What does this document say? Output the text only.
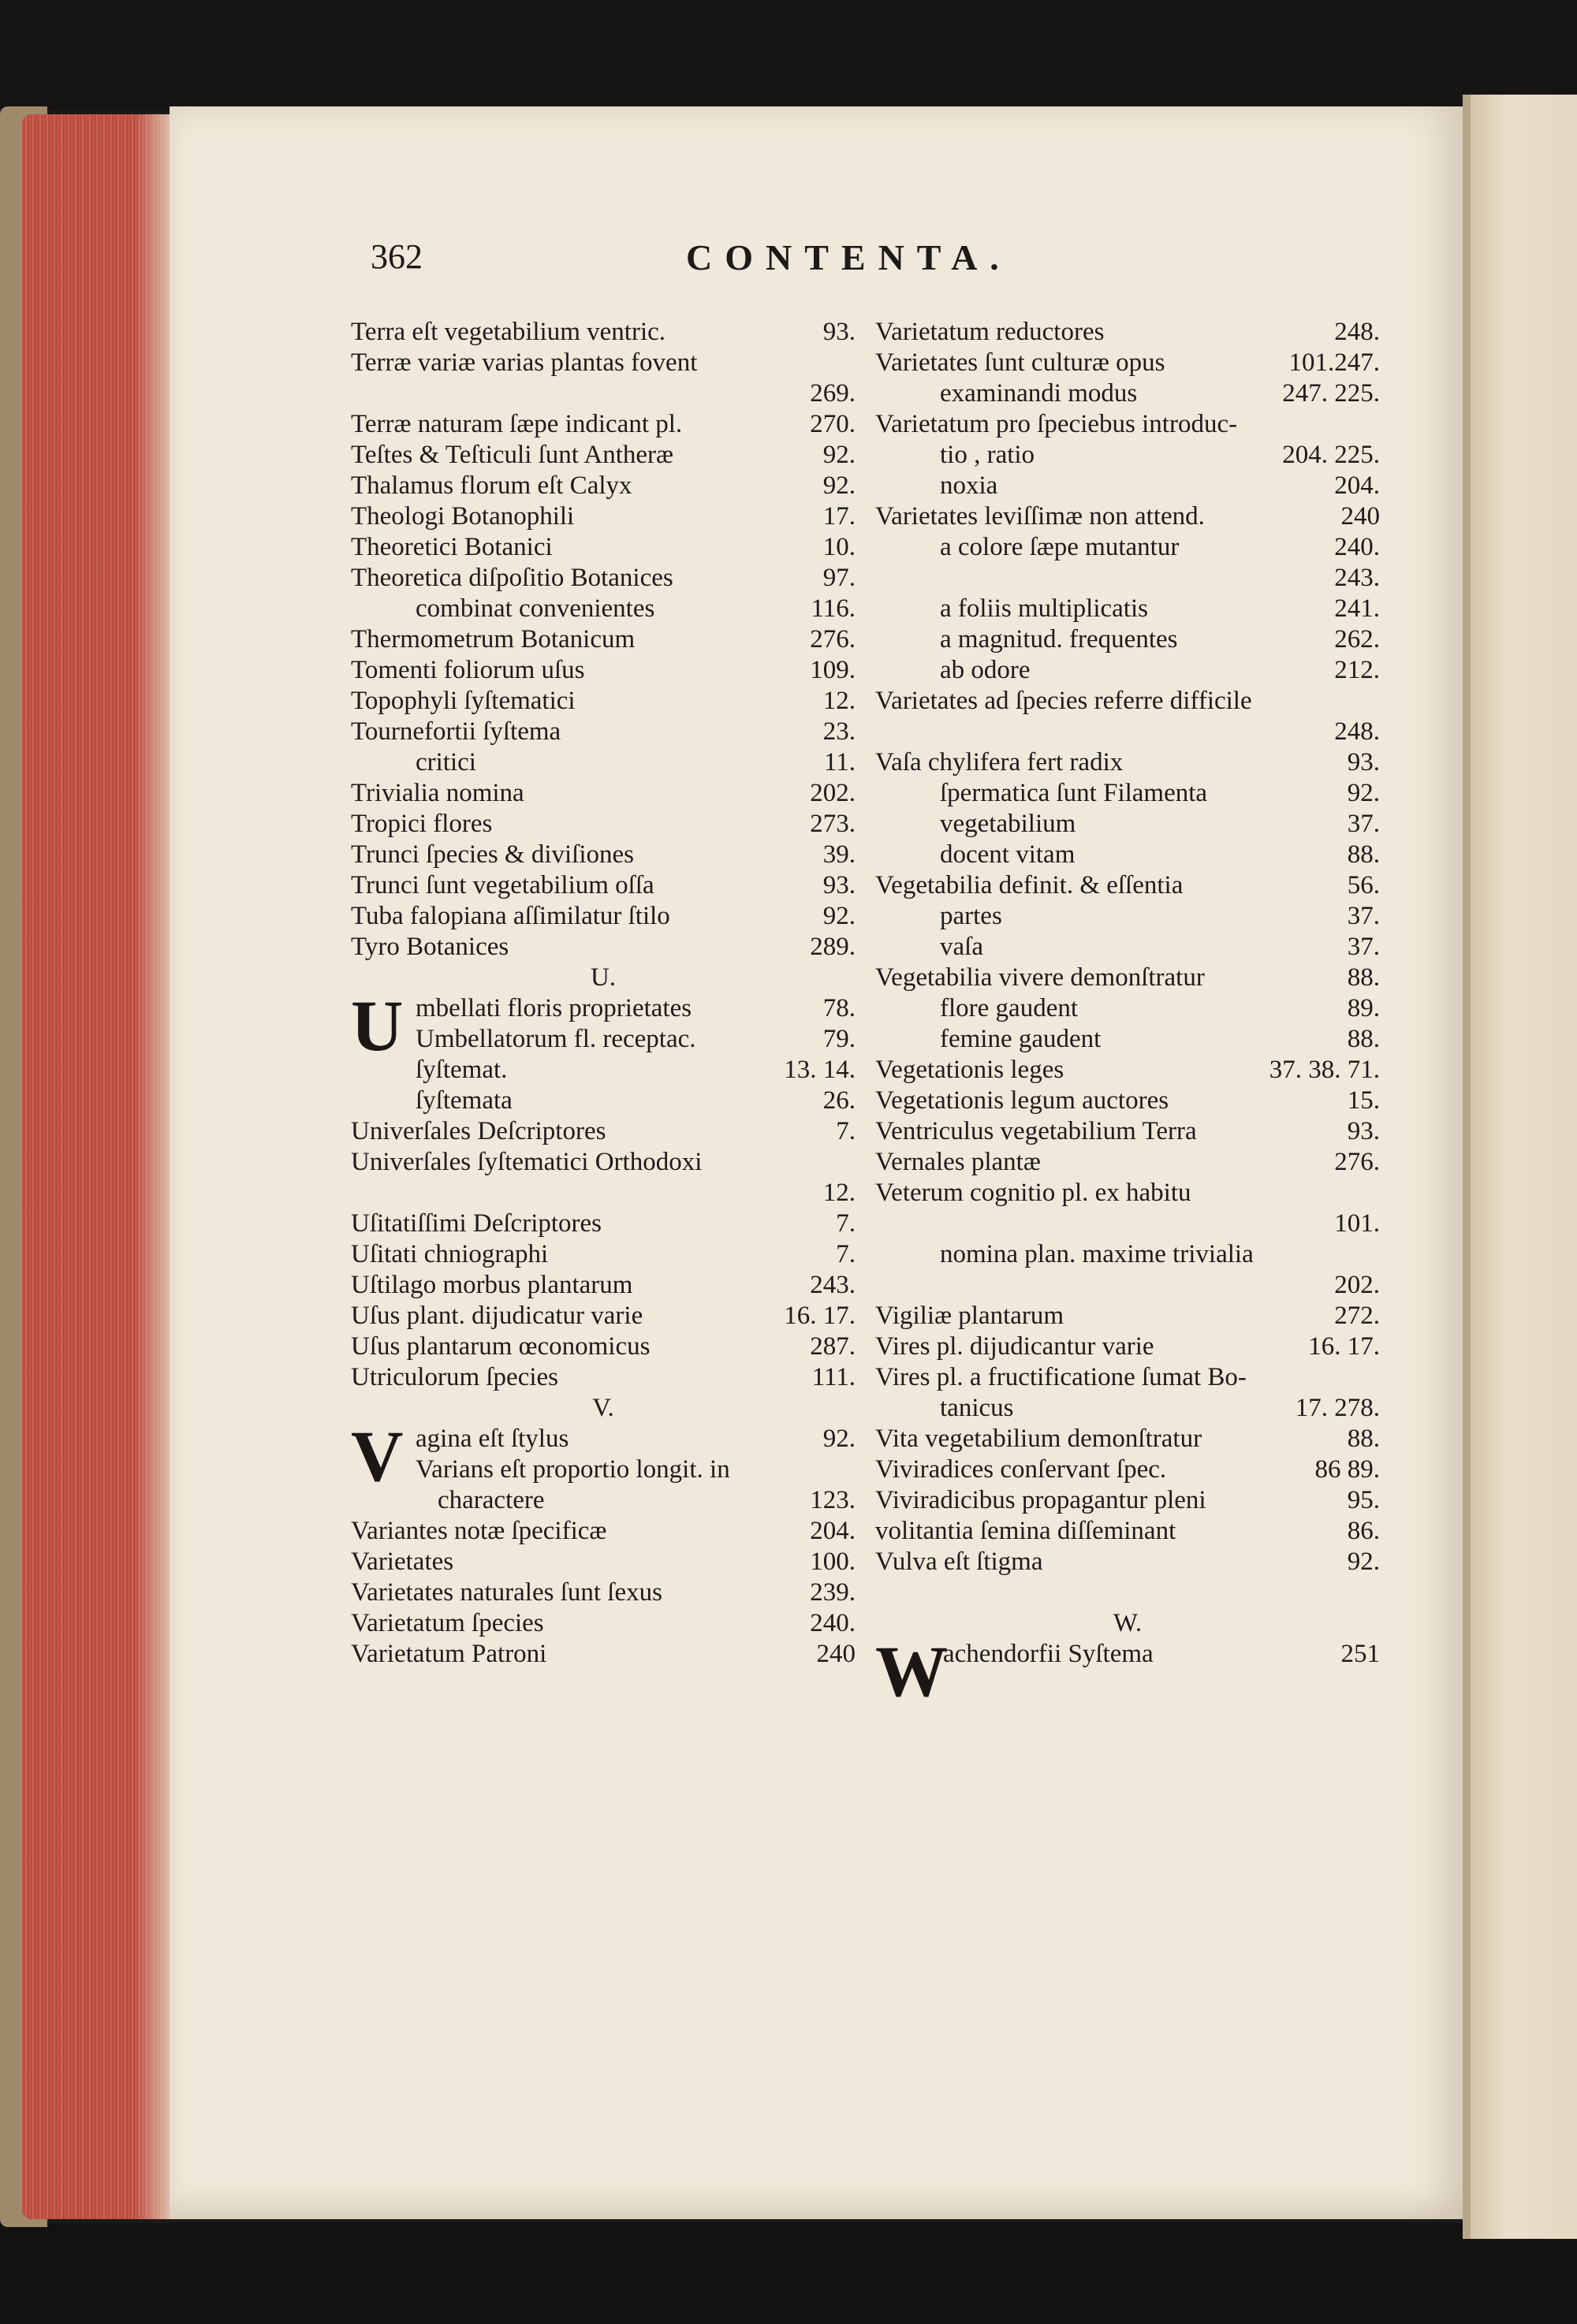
362	CONTENTA.
Terra eſt vegetabilium ventric.	93.
Terræ variæ varias plantas fovent
269.
Terræ naturam ſæpe indicant pl.	270.
Teſtes & Teſticuli ſunt Antheræ	92.
Thalamus florum eſt Calyx	92.
Theologi Botanophili	17.
Theoretici Botanici	10.
Theoretica diſpoſitio Botanices	97.
combinat convenientes	116.
Thermometrum Botanicum	276.
Tomenti foliorum uſus	109.
Topophyli ſyſtematici	12.
Tournefortii ſyſtema	23.
critici	11.
Trivialia nomina	202.
Tropici flores	273.
Trunci ſpecies & diviſiones	39.
Trunci ſunt vegetabilium oſſa	93.
Tuba falopiana aſſimilatur ſtilo	92.
Tyro Botanices	289.
U.
U mbellati floris proprietates	78.
Umbellatorum fl. receptac.	79.
ſyſtemat.	13. 14.
ſyſtemata	26.
Univerſales Deſcriptores	7.
Univerſales ſyſtematici Orthodoxi
12.
Uſitatiſſimi Deſcriptores	7.
Uſitati chniographi	7.
Uſtilago morbus plantarum	243.
Uſus plant. dijudicatur varie	16. 17.
Uſus plantarum œconomicus	287.
Utriculorum ſpecies	111.
V.
V agina eſt ſtylus	92.
Varians eſt proportio longit. in
charactere	123.
Variantes notæ ſpecificæ	204.
Varietates	100.
Varietates naturales ſunt ſexus	239.
Varietatum ſpecies	240.
Varietatum Patroni	240
Varietatum reductores	248.
Varietates ſunt culturæ opus	101.247.
examinandi modus	247. 225.
Varietatum pro ſpeciebus introduc-
tio , ratio	204. 225.
noxia	204.
Varietates leviſſimæ non attend.	240
a colore ſæpe mutantur	240.
243.
a foliis multiplicatis	241.
a magnitud. frequentes	262.
ab odore	212.
Varietates ad ſpecies referre difficile
248.
Vaſa chylifera fert radix	93.
ſpermatica ſunt Filamenta	92.
vegetabilium	37.
docent vitam	88.
Vegetabilia definit. & eſſentia	56.
partes	37.
vaſa	37.
Vegetabilia vivere demonſtratur	88.
flore gaudent	89.
femine gaudent	88.
Vegetationis leges	37. 38. 71.
Vegetationis legum auctores	15.
Ventriculus vegetabilium Terra	93.
Vernales plantæ	276.
Veterum cognitio pl. ex habitu
101.
nomina plan. maxime trivialia
202.
Vigiliæ plantarum	272.
Vires pl. dijudicantur varie	16. 17.
Vires pl. a fructificatione ſumat Bo-
tanicus	17. 278.
Vita vegetabilium demonſtratur	88.
Viviradices conſervant ſpec.	86 89.
Viviradicibus propagantur pleni	95.
volitantia ſemina diſſeminant	86.
Vulva eſt ſtigma	92.
W.
W
achendorfii Syſtema	251
